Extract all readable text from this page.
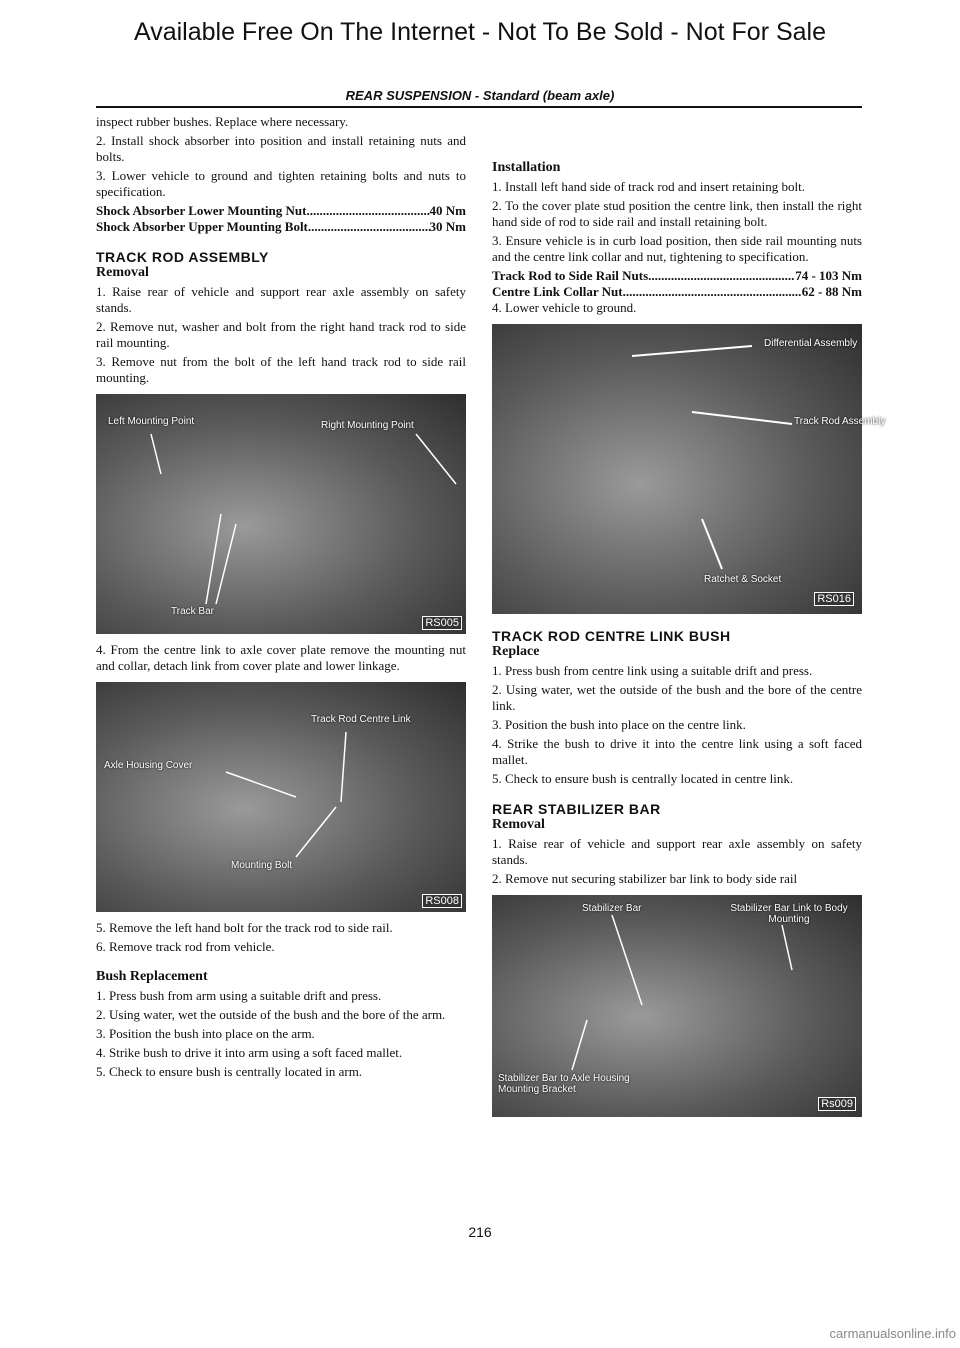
Available Free On The Internet - Not To Be Sold - Not For Sale
REAR SUSPENSION - Standard (beam axle)

inspect rubber bushes. Replace where necessary.

2. Install shock absorber into position and install retaining nuts and bolts.

3. Lower vehicle to ground and tighten retaining bolts and nuts to specification.

Shock Absorber Lower Mounting Nut .....	40 Nm
Shock Absorber Upper Mounting Bolt .....	30 Nm

TRACK ROD ASSEMBLY

Removal

1. Raise rear of vehicle and support rear axle assembly on safety stands.

2. Remove nut, washer and bolt from the right hand track rod to side rail mounting.

3. Remove nut from the bolt of the left hand track rod to side rail mounting.

Left Mounting Point	Right Mounting Point
Track Bar
RS005

4. From the centre link to axle cover plate remove the mounting nut and collar, detach link from cover plate and lower linkage.

Track Rod Centre Link
Axle Housing Cover
Mounting Bolt
RS008

5. Remove the left hand bolt for the track rod to side rail.

6. Remove track rod from vehicle.

Bush Replacement

1. Press bush from arm using a suitable drift and press.

2. Using water, wet the outside of the bush and the bore of the arm.

3. Position the bush into place on the arm.

4. Strike bush to drive it into arm using a soft faced mallet.

5. Check to ensure bush is centrally located in arm.

Installation

1. Install left hand side of track rod and insert retaining bolt.

2. To the cover plate stud position the centre link, then install the right hand side of rod to side rail and install retaining bolt.

3. Ensure vehicle is in curb load position, then side rail mounting nuts and the centre link collar and nut, tightening to specification.

Track Rod to Side Rail Nuts .....	74 - 103 Nm
Centre Link Collar Nut .....	62 - 88 Nm

4. Lower vehicle to ground.

Differential Assembly
Track Rod Assembly
Ratchet & Socket
RS016

TRACK ROD CENTRE LINK BUSH

Replace

1. Press bush from centre link using a suitable drift and press.

2. Using water, wet the outside of the bush and the bore of the centre link.

3. Position the bush into place on the centre link.

4. Strike the bush to drive it into the centre link using a soft faced mallet.

5. Check to ensure bush is centrally located in centre link.

REAR STABILIZER BAR

Removal

1. Raise rear of vehicle and support rear axle assembly on safety stands.

2. Remove nut securing stabilizer bar link to body side rail

Stabilizer Bar	Stabilizer Bar Link to Body Mounting
Stabilizer Bar to Axle Housing Mounting Bracket
Rs009
216
carmanualsonline.info
